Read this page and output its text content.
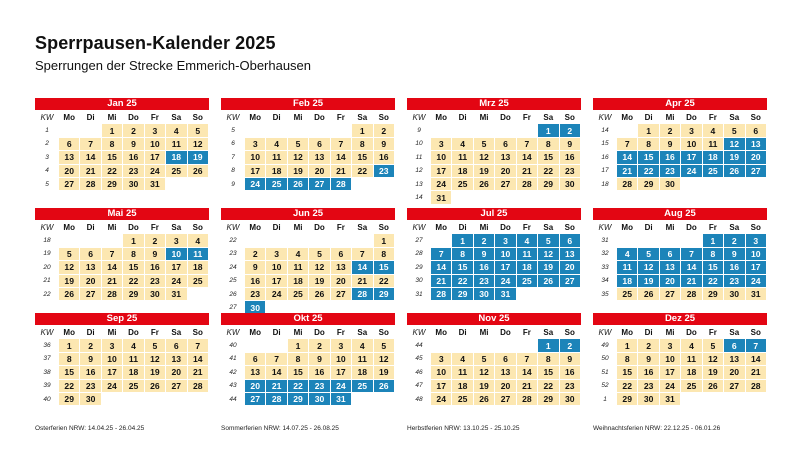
Sperrpausen-Kalender 2025
Sperrungen der Strecke Emmerich-Oberhausen
Jan 25
KW	Mo	Di	Mi	Do	Fr	Sa	So
1			1	2	3	4	5
2	6	7	8	9	10	11	12
3	13	14	15	16	17	18	19
4	20	21	22	23	24	25	26
5	27	28	29	30	31		
Feb 25
KW	Mo	Di	Mi	Do	Fr	Sa	So
5						1	2
6	3	4	5	6	7	8	9
7	10	11	12	13	14	15	16
8	17	18	19	20	21	22	23
9	24	25	26	27	28		
Mrz 25
KW	Mo	Di	Mi	Do	Fr	Sa	So
9						1	2
10	3	4	5	6	7	8	9
11	10	11	12	13	14	15	16
12	17	18	19	20	21	22	23
13	24	25	26	27	28	29	30
14	31						
Apr 25
KW	Mo	Di	Mi	Do	Fr	Sa	So
14		1	2	3	4	5	6
15	7	8	9	10	11	12	13
16	14	15	16	17	18	19	20
17	21	22	23	24	25	26	27
18	28	29	30				
Mai 25
KW	Mo	Di	Mi	Do	Fr	Sa	So
18				1	2	3	4
19	5	6	7	8	9	10	11
20	12	13	14	15	16	17	18
21	19	20	21	22	23	24	25
22	26	27	28	29	30	31	
Jun 25
KW	Mo	Di	Mi	Do	Fr	Sa	So
22							1
23	2	3	4	5	6	7	8
24	9	10	11	12	13	14	15
25	16	17	18	19	20	21	22
26	23	24	25	26	27	28	29
27	30						
Jul 25
KW	Mo	Di	Mi	Do	Fr	Sa	So
27		1	2	3	4	5	6
28	7	8	9	10	11	12	13
29	14	15	16	17	18	19	20
30	21	22	23	24	25	26	27
31	28	29	30	31			
Aug 25
KW	Mo	Di	Mi	Do	Fr	Sa	So
31					1	2	3
32	4	5	6	7	8	9	10
33	11	12	13	14	15	16	17
34	18	19	20	21	22	23	24
35	25	26	27	28	29	30	31
Sep 25
KW	Mo	Di	Mi	Do	Fr	Sa	So
36	1	2	3	4	5	6	7
37	8	9	10	11	12	13	14
38	15	16	17	18	19	20	21
39	22	23	24	25	26	27	28
40	29	30					
Okt 25
KW	Mo	Di	Mi	Do	Fr	Sa	So
40			1	2	3	4	5
41	6	7	8	9	10	11	12
42	13	14	15	16	17	18	19
43	20	21	22	23	24	25	26
44	27	28	29	30	31		
Nov 25
KW	Mo	Di	Mi	Do	Fr	Sa	So
44						1	2
45	3	4	5	6	7	8	9
46	10	11	12	13	14	15	16
47	17	18	19	20	21	22	23
48	24	25	26	27	28	29	30
Dez 25
KW	Mo	Di	Mi	Do	Fr	Sa	So
49	1	2	3	4	5	6	7
50	8	9	10	11	12	13	14
51	15	16	17	18	19	20	21
52	22	23	24	25	26	27	28
1	29	30	31				
Osterferien NRW: 14.04.25 - 26.04.25	Sommerferien NRW: 14.07.25 - 26.08.25	Herbstferien NRW: 13.10.25 - 25.10.25	Weihnachtsferien NRW: 22.12.25 - 06.01.26
